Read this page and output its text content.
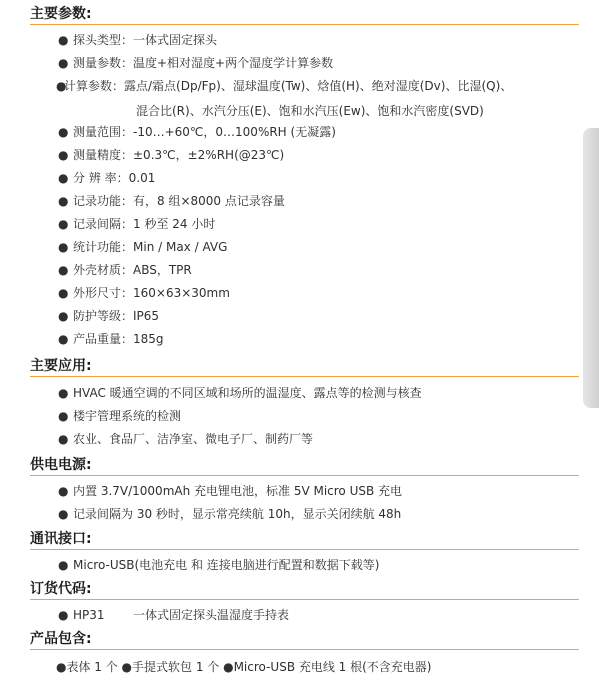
主要参数:
● 探头类型：一体式固定探头
● 测量参数：温度+相对湿度+两个湿度学计算参数
●计算参数：露点/霜点(Dp/Fp)、湿球温度(Tw)、焓值(H)、绝对湿度(Dv)、比湿(Q)、
混合比(R)、水汽分压(E)、饱和水汽压(Ew)、饱和水汽密度(SVD)
● 测量范围：-10…+60℃，0…100%RH (无凝露)
● 测量精度：±0.3℃，±2%RH(@23℃)
● 分 辨 率：0.01
● 记录功能：有，8 组×8000 点记录容量
● 记录间隔：1 秒至 24 小时
● 统计功能：Min / Max / AVG
● 外壳材质：ABS，TPR
● 外形尺寸：160×63×30mm
● 防护等级：IP65
● 产品重量：185g
主要应用:
● HVAC 暖通空调的不同区域和场所的温湿度、露点等的检测与核查
● 楼宇管理系统的检测
● 农业、食品厂、洁净室、微电子厂、制药厂等
供电电源:
● 内置 3.7V/1000mAh 充电锂电池，标准 5V Micro USB 充电
● 记录间隔为 30 秒时，显示常亮续航 10h，显示关闭续航 48h
通讯接口:
● Micro-USB(电池充电 和 连接电脑进行配置和数据下载等)
订货代码:
● HP31 一体式固定探头温湿度手持表
产品包含:
●表体 1 个 ●手提式软包 1 个 ●Micro-USB 充电线 1 根(不含充电器)
